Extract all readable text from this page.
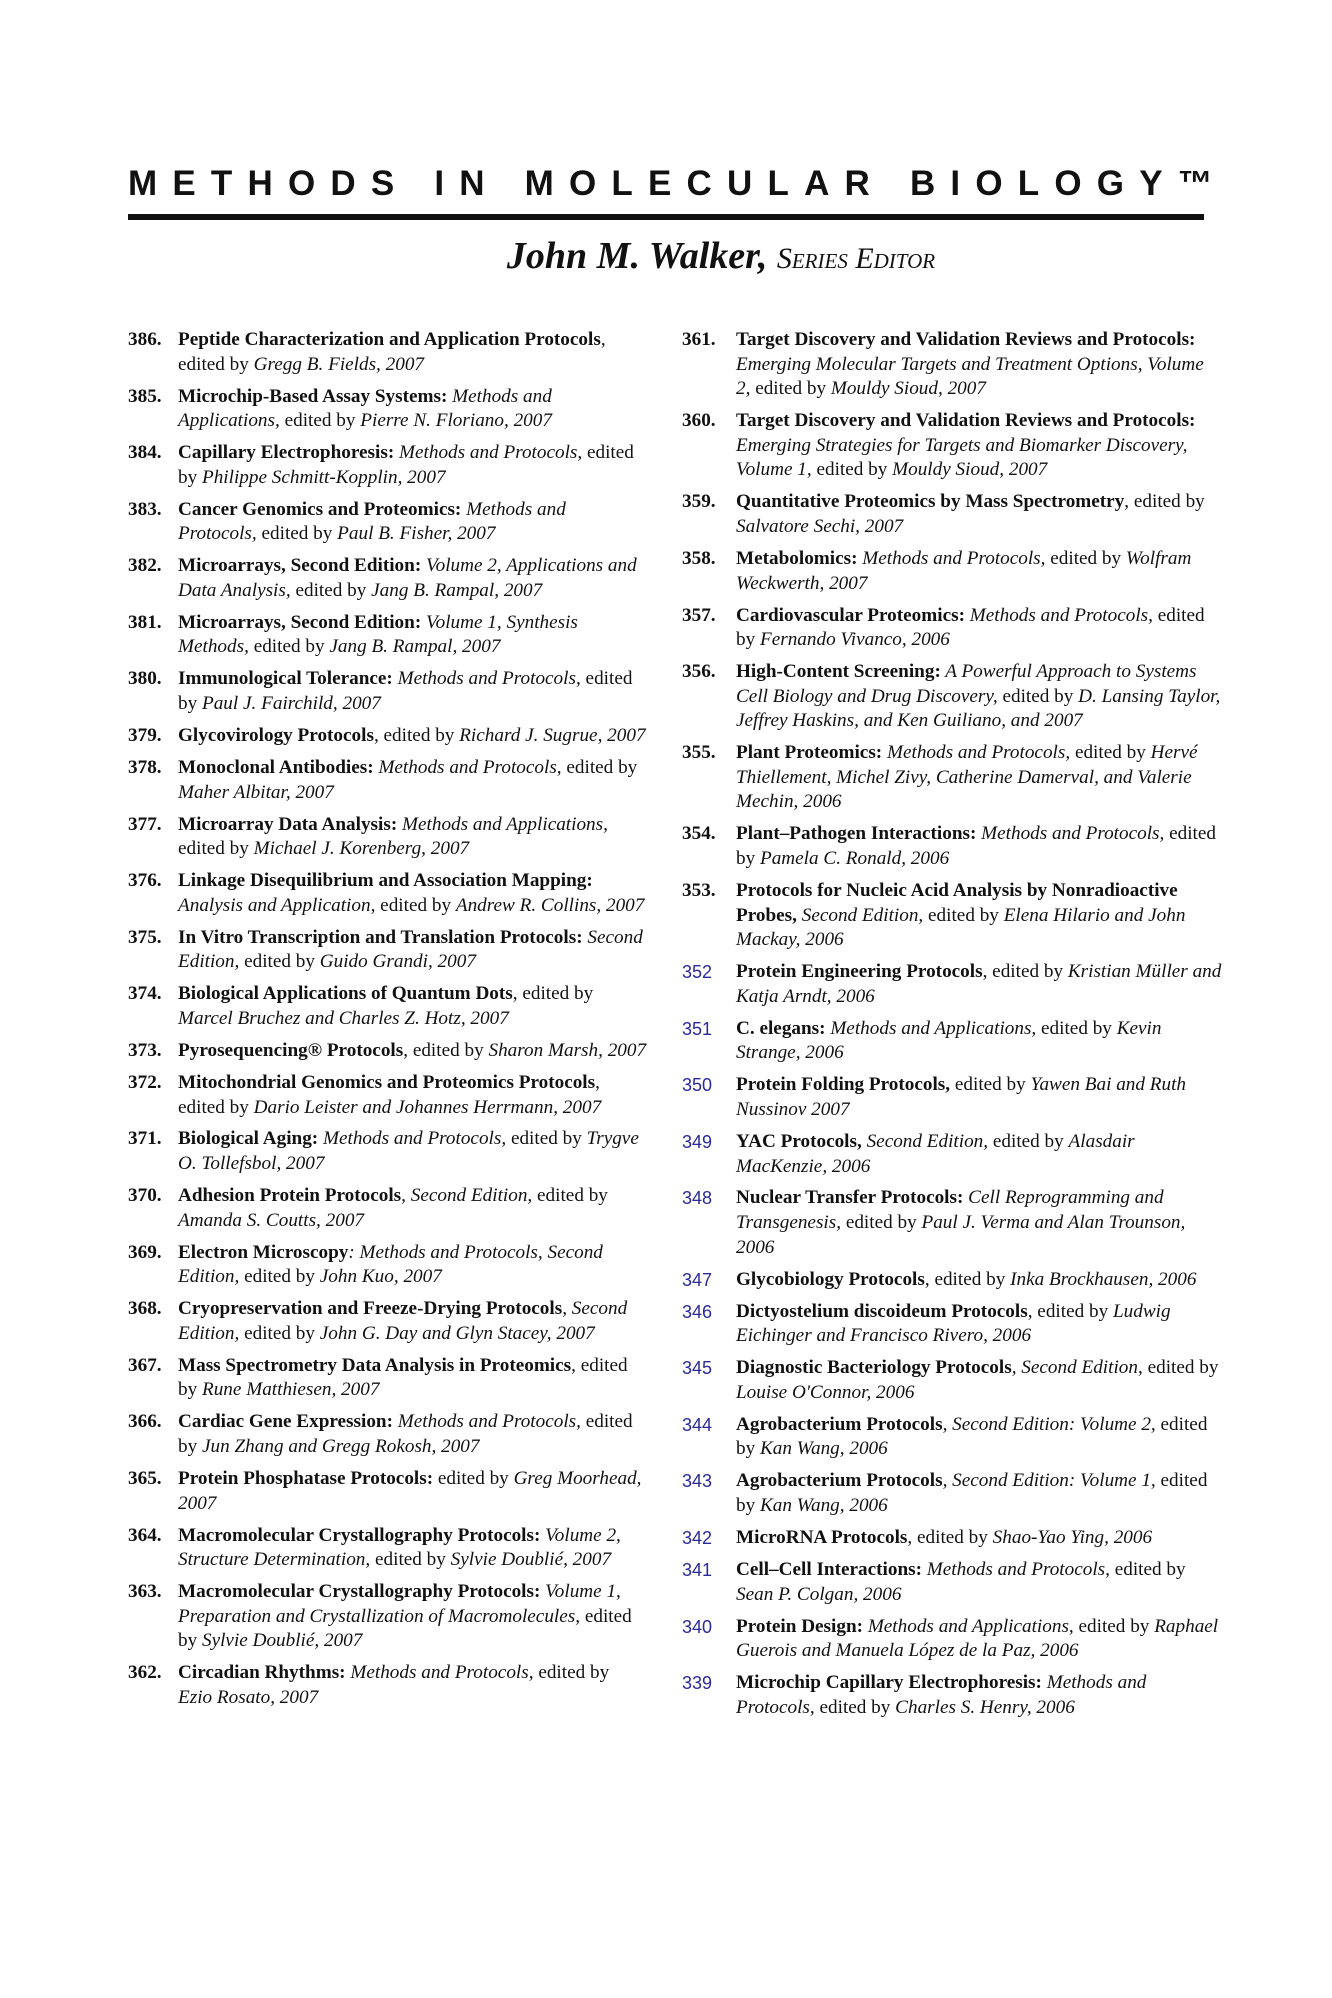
METHODS IN MOLECULAR BIOLOGY™
John M. Walker, Series Editor
386. Peptide Characterization and Application Protocols, edited by Gregg B. Fields, 2007
385. Microchip-Based Assay Systems: Methods and Applications, edited by Pierre N. Floriano, 2007
384. Capillary Electrophoresis: Methods and Protocols, edited by Philippe Schmitt-Kopplin, 2007
383. Cancer Genomics and Proteomics: Methods and Protocols, edited by Paul B. Fisher, 2007
382. Microarrays, Second Edition: Volume 2, Applications and Data Analysis, edited by Jang B. Rampal, 2007
381. Microarrays, Second Edition: Volume 1, Synthesis Methods, edited by Jang B. Rampal, 2007
380. Immunological Tolerance: Methods and Protocols, edited by Paul J. Fairchild, 2007
379. Glycovirology Protocols, edited by Richard J. Sugrue, 2007
378. Monoclonal Antibodies: Methods and Protocols, edited by Maher Albitar, 2007
377. Microarray Data Analysis: Methods and Applications, edited by Michael J. Korenberg, 2007
376. Linkage Disequilibrium and Association Mapping: Analysis and Application, edited by Andrew R. Collins, 2007
375. In Vitro Transcription and Translation Protocols: Second Edition, edited by Guido Grandi, 2007
374. Biological Applications of Quantum Dots, edited by Marcel Bruchez and Charles Z. Hotz, 2007
373. Pyrosequencing® Protocols, edited by Sharon Marsh, 2007
372. Mitochondrial Genomics and Proteomics Protocols, edited by Dario Leister and Johannes Herrmann, 2007
371. Biological Aging: Methods and Protocols, edited by Trygve O. Tollefsbol, 2007
370. Adhesion Protein Protocols, Second Edition, edited by Amanda S. Coutts, 2007
369. Electron Microscopy: Methods and Protocols, Second Edition, edited by John Kuo, 2007
368. Cryopreservation and Freeze-Drying Protocols, Second Edition, edited by John G. Day and Glyn Stacey, 2007
367. Mass Spectrometry Data Analysis in Proteomics, edited by Rune Matthiesen, 2007
366. Cardiac Gene Expression: Methods and Protocols, edited by Jun Zhang and Gregg Rokosh, 2007
365. Protein Phosphatase Protocols: edited by Greg Moorhead, 2007
364. Macromolecular Crystallography Protocols: Volume 2, Structure Determination, edited by Sylvie Doublié, 2007
363. Macromolecular Crystallography Protocols: Volume 1, Preparation and Crystallization of Macromolecules, edited by Sylvie Doublié, 2007
362. Circadian Rhythms: Methods and Protocols, edited by Ezio Rosato, 2007
361. Target Discovery and Validation Reviews and Protocols: Emerging Molecular Targets and Treatment Options, Volume 2, edited by Mouldy Sioud, 2007
360. Target Discovery and Validation Reviews and Protocols: Emerging Strategies for Targets and Biomarker Discovery, Volume 1, edited by Mouldy Sioud, 2007
359. Quantitative Proteomics by Mass Spectrometry, edited by Salvatore Sechi, 2007
358. Metabolomics: Methods and Protocols, edited by Wolfram Weckwerth, 2007
357. Cardiovascular Proteomics: Methods and Protocols, edited by Fernando Vivanco, 2006
356. High-Content Screening: A Powerful Approach to Systems Cell Biology and Drug Discovery, edited by D. Lansing Taylor, Jeffrey Haskins, and Ken Guiliano, and 2007
355. Plant Proteomics: Methods and Protocols, edited by Hervé Thiellement, Michel Zivy, Catherine Damerval, and Valerie Mechin, 2006
354. Plant–Pathogen Interactions: Methods and Protocols, edited by Pamela C. Ronald, 2006
353. Protocols for Nucleic Acid Analysis by Nonradioactive Probes, Second Edition, edited by Elena Hilario and John Mackay, 2006
352 Protein Engineering Protocols, edited by Kristian Müller and Katja Arndt, 2006
351 C. elegans: Methods and Applications, edited by Kevin Strange, 2006
350 Protein Folding Protocols, edited by Yawen Bai and Ruth Nussinov 2007
349 YAC Protocols, Second Edition, edited by Alasdair MacKenzie, 2006
348 Nuclear Transfer Protocols: Cell Reprogramming and Transgenesis, edited by Paul J. Verma and Alan Trounson, 2006
347 Glycobiology Protocols, edited by Inka Brockhausen, 2006
346 Dictyostelium discoideum Protocols, edited by Ludwig Eichinger and Francisco Rivero, 2006
345 Diagnostic Bacteriology Protocols, Second Edition, edited by Louise O'Connor, 2006
344 Agrobacterium Protocols, Second Edition: Volume 2, edited by Kan Wang, 2006
343 Agrobacterium Protocols, Second Edition: Volume 1, edited by Kan Wang, 2006
342 MicroRNA Protocols, edited by Shao-Yao Ying, 2006
341 Cell–Cell Interactions: Methods and Protocols, edited by Sean P. Colgan, 2006
340 Protein Design: Methods and Applications, edited by Raphael Guerois and Manuela López de la Paz, 2006
339 Microchip Capillary Electrophoresis: Methods and Protocols, edited by Charles S. Henry, 2006
